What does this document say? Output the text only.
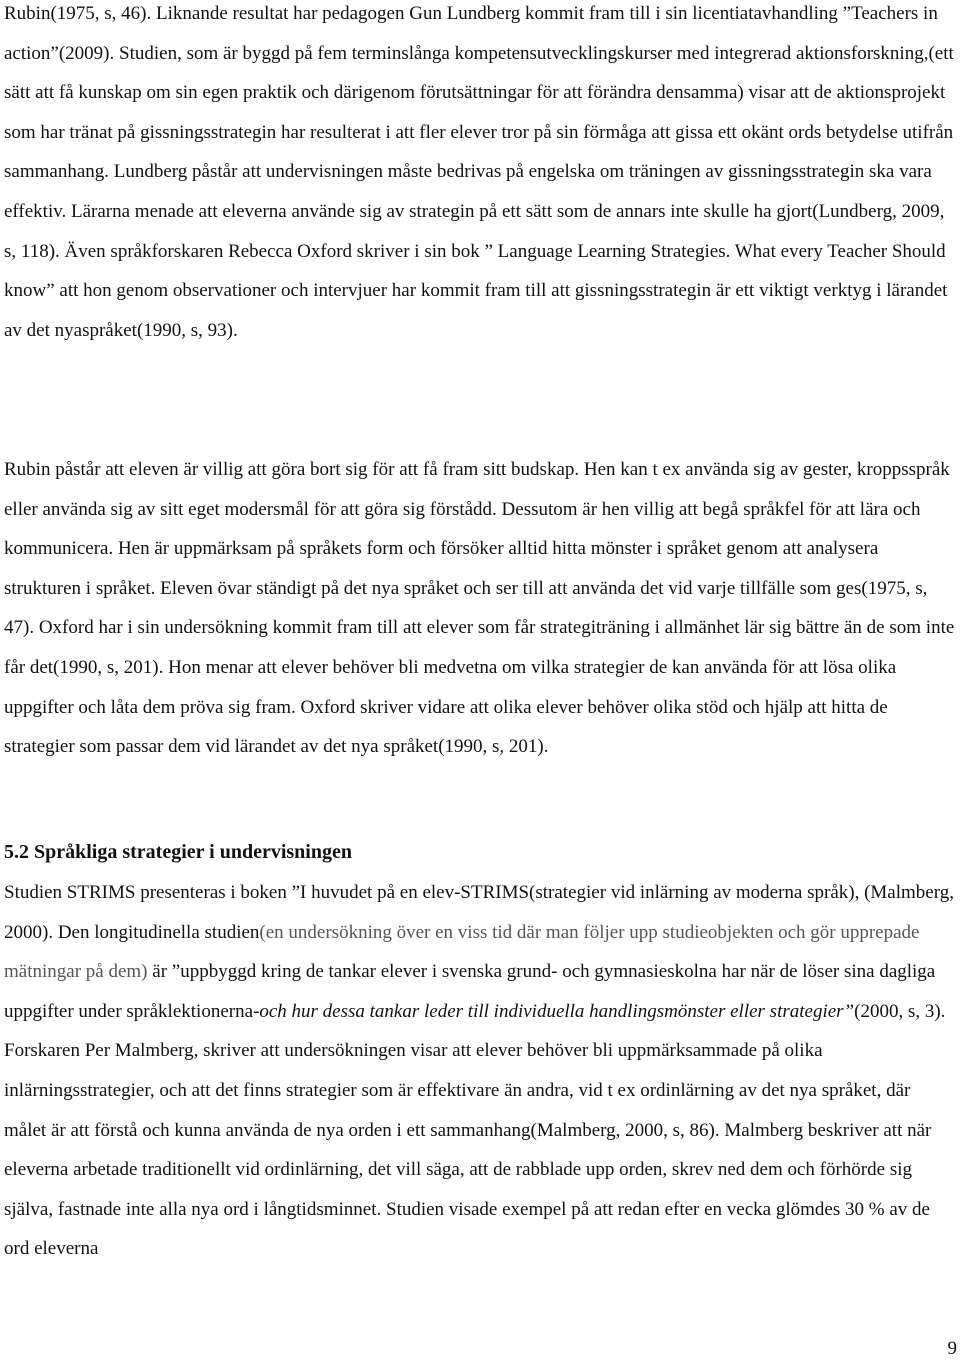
Rubin(1975, s, 46). Liknande resultat har pedagogen Gun Lundberg kommit fram till i sin licentiatavhandling ”Teachers in action”(2009). Studien, som är byggd på fem terminslånga kompetensutvecklingskurser med integrerad aktionsforskning,(ett sätt att få kunskap om sin egen praktik och därigenom förutsättningar för att förändra densamma) visar att de aktionsprojekt som har tränat på gissningsstrategin har resulterat i att fler elever tror på sin förmåga att gissa ett okänt ords betydelse utifrån sammanhang. Lundberg påstår att undervisningen måste bedrivas på engelska om träningen av gissningsstrategin ska vara effektiv. Lärarna menade att eleverna använde sig av strategin på ett sätt som de annars inte skulle ha gjort(Lundberg, 2009, s, 118). Även språkforskaren Rebecca Oxford skriver i sin bok ” Language Learning Strategies. What every Teacher Should know” att hon genom observationer och intervjuer har kommit fram till att gissningsstrategin är ett viktigt verktyg i lärandet av det nyaspråket(1990, s, 93).

Rubin påstår att eleven är villig att göra bort sig för att få fram sitt budskap. Hen kan t ex använda sig av gester, kroppsspråk eller använda sig av sitt eget modersmål för att göra sig förstådd. Dessutom är hen villig att begå språkfel för att lära och kommunicera. Hen är uppmärksam på språkets form och försöker alltid hitta mönster i språket genom att analysera strukturen i språket. Eleven övar ständigt på det nya språket och ser till att använda det vid varje tillfälle som ges(1975, s, 47). Oxford har i sin undersökning kommit fram till att elever som får strategiträning i allmänhet lär sig bättre än de som inte får det(1990, s, 201). Hon menar att elever behöver bli medvetna om vilka strategier de kan använda för att lösa olika uppgifter och låta dem pröva sig fram. Oxford skriver vidare att olika elever behöver olika stöd och hjälp att hitta de strategier som passar dem vid lärandet av det nya språket(1990, s, 201).

5.2 Språkliga strategier i undervisningen

Studien STRIMS presenteras i boken ”I huvudet på en elev-STRIMS(strategier vid inlärning av moderna språk), (Malmberg, 2000). Den longitudinella studien(en undersökning över en viss tid där man följer upp studieobjekten och gör upprepade mätningar på dem) är ”uppbyggd kring de tankar elever i svenska grund- och gymnasieskolna har när de löser sina dagliga uppgifter under språklektionerna-och hur dessa tankar leder till individuella handlingsmönster eller strategier”(2000, s, 3). Forskaren Per Malmberg, skriver att undersökningen visar att elever behöver bli uppmärksammade på olika inlärningsstrategier, och att det finns strategier som är effektivare än andra, vid t ex ordinlärning av det nya språket, där målet är att förstå och kunna använda de nya orden i ett sammanhang(Malmberg, 2000, s, 86). Malmberg beskriver att när eleverna arbetade traditionellt vid ordinlärning, det vill säga, att de rabblade upp orden, skrev ned dem och förhörde sig själva, fastnade inte alla nya ord i långtidsminnet. Studien visade exempel på att redan efter en vecka glömdes 30 % av de ord eleverna

9
